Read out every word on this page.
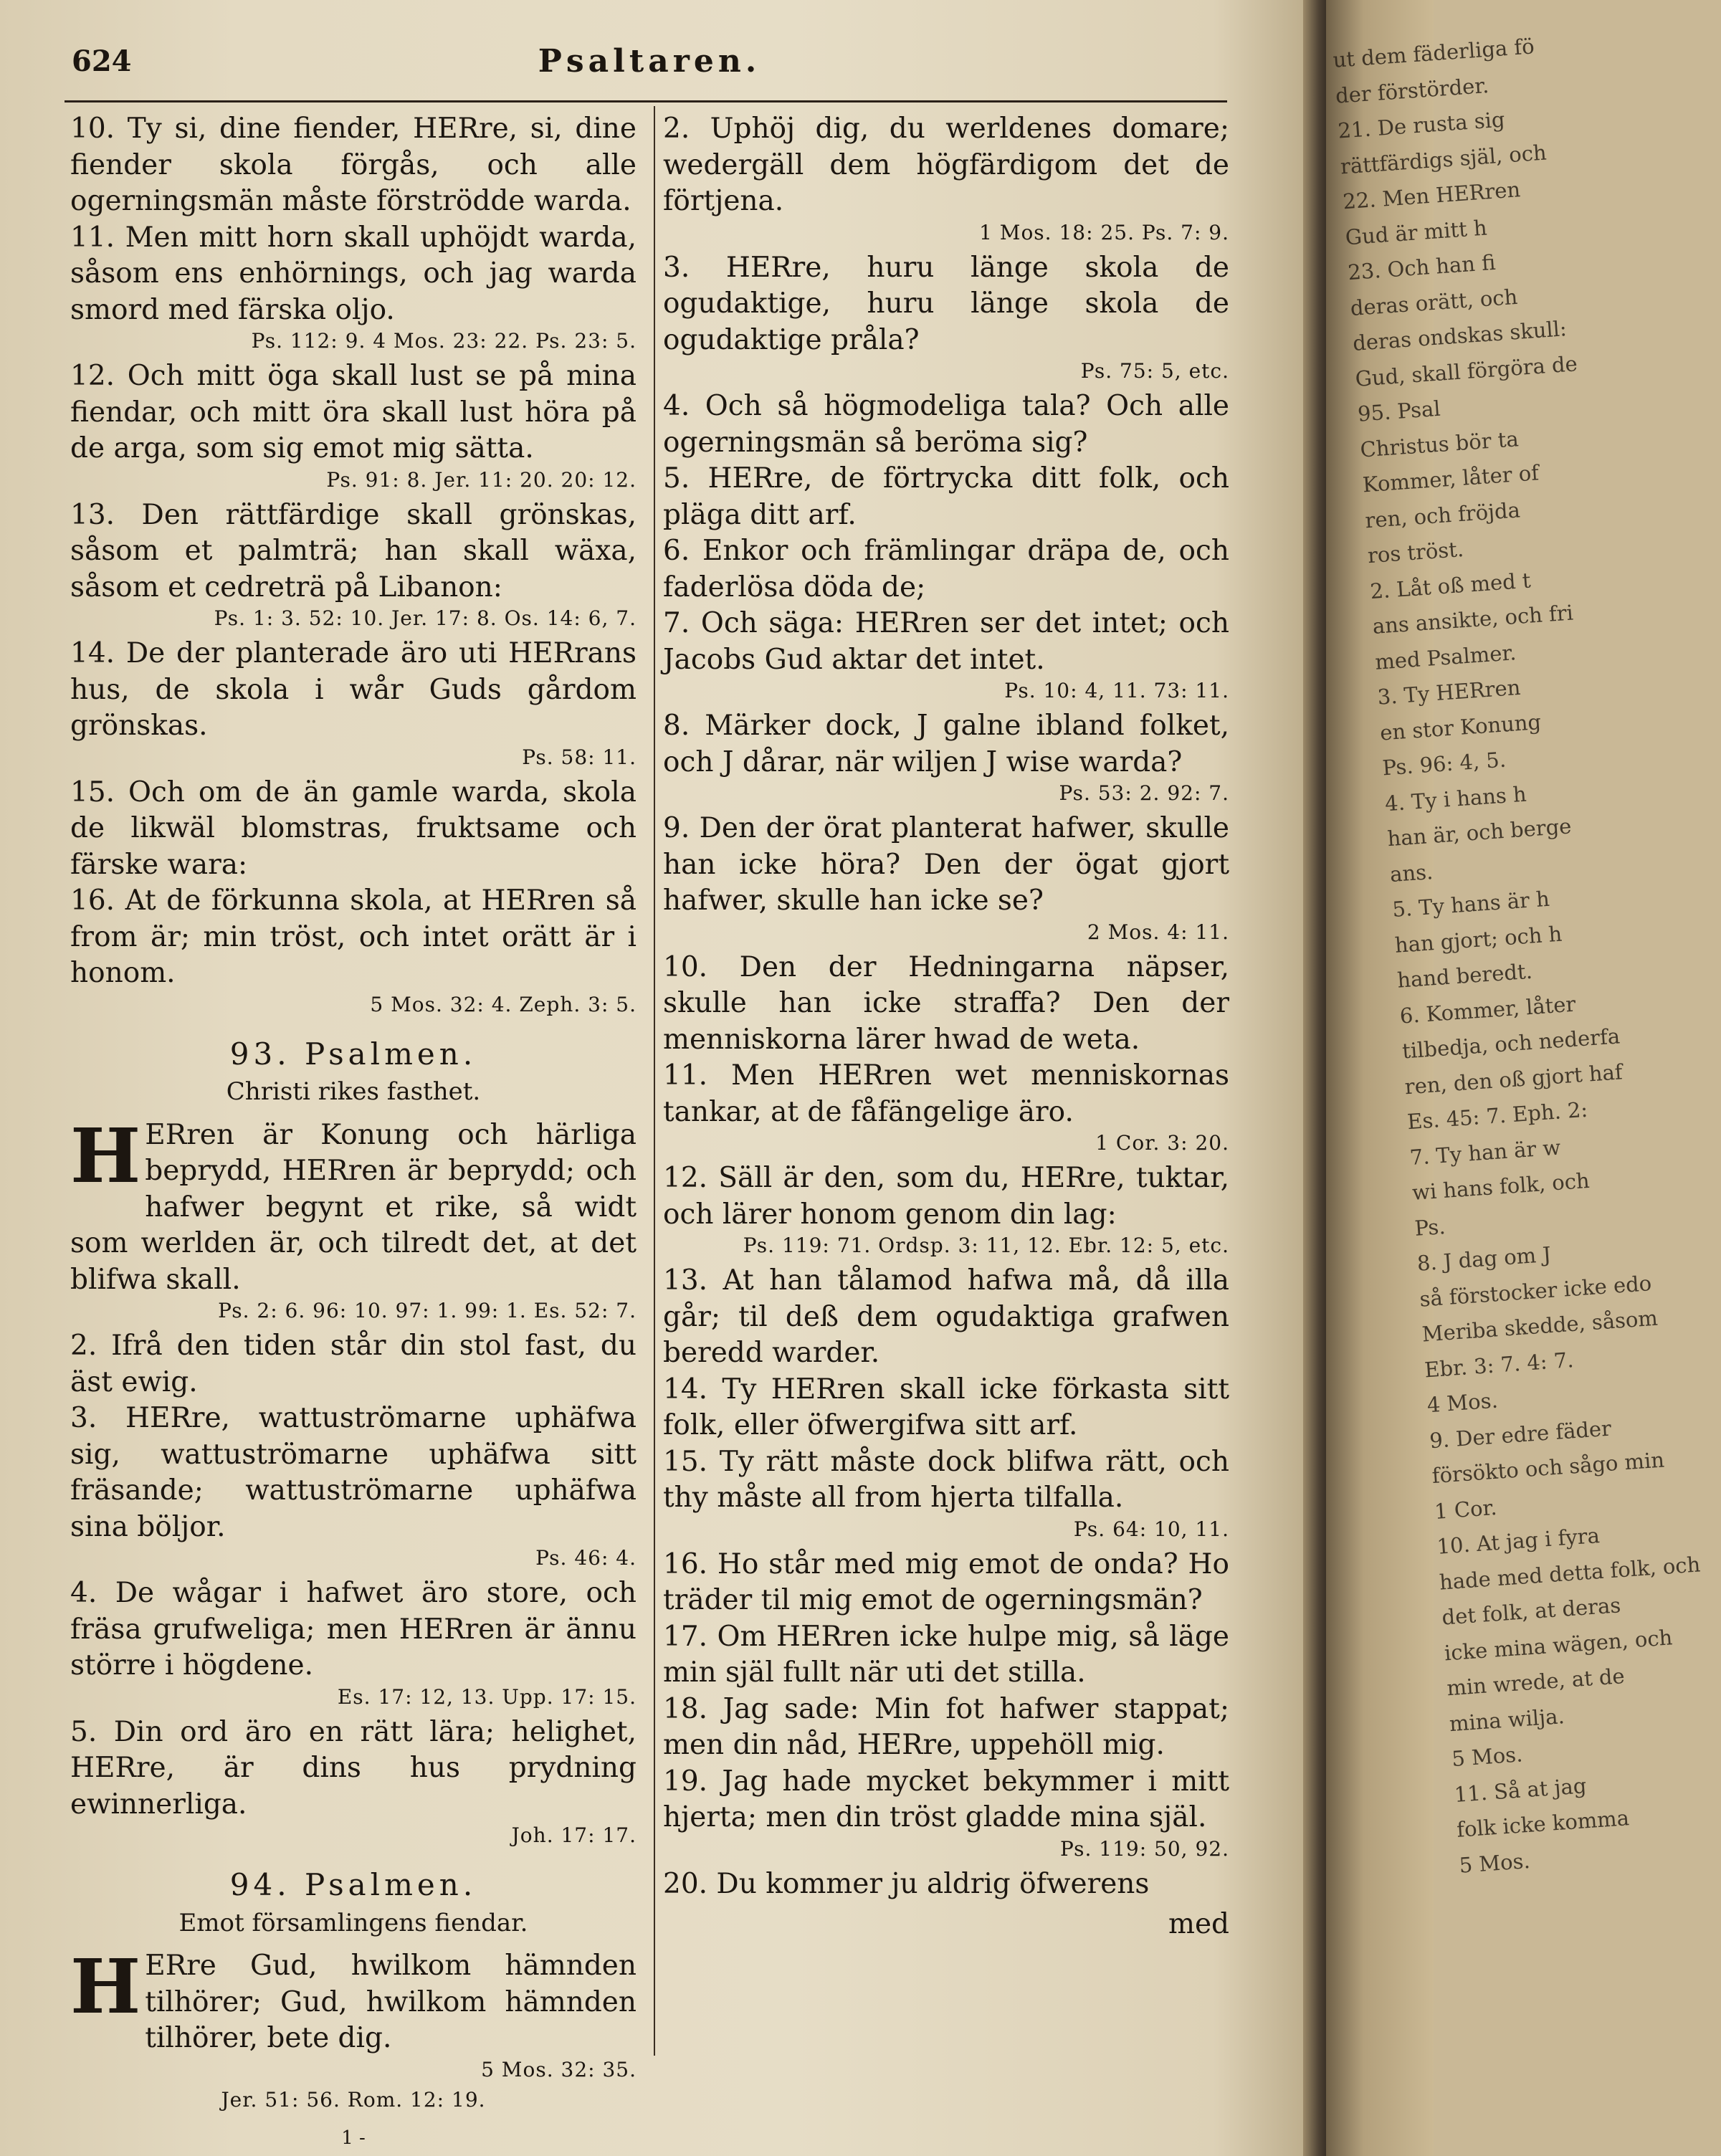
624	Psaltaren.

10. Ty si, dine fiender, HERre, si, dine fiender skola förgås, och alle ogerningsmän måste förströdde warda.

11. Men mitt horn skall uphöjdt warda, såsom ens enhörnings, och jag warda smord med färska oljo.

Ps. 112: 9. 4 Mos. 23: 22. Ps. 23: 5.

12. Och mitt öga skall lust se på mina fiendar, och mitt öra skall lust höra på de arga, som sig emot mig sätta.

Ps. 91: 8. Jer. 11: 20. 20: 12.

13. Den rättfärdige skall grönskas, såsom et palmträ; han skall wäxa, såsom et cedreträ på Libanon:

Ps. 1: 3. 52: 10. Jer. 17: 8. Os. 14: 6, 7.

14. De der planterade äro uti HERrans hus, de skola i wår Guds gårdom grönskas.

Ps. 58: 11.

15. Och om de än gamle warda, skola de likwäl blomstras, fruktsame och färske wara:

16. At de förkunna skola, at HERren så from är; min tröst, och intet orätt är i honom.

5 Mos. 32: 4. Zeph. 3: 5.
93. Psalmen.
Christi rikes fasthet.

H ERren är Konung och härliga beprydd, HERren är beprydd; och hafwer begynt et rike, så widt som werlden är, och tilredt det, at det blifwa skall.

Ps. 2: 6. 96: 10. 97: 1. 99: 1. Es. 52: 7.

2. Ifrå den tiden står din stol fast, du äst ewig.

3. HERre, wattuströmarne uphäfwa sig, wattuströmarne uphäfwa sitt fräsande; wattuströmarne uphäfwa sina böljor.

Ps. 46: 4.

4. De wågar i hafwet äro store, och fräsa grufweliga; men HERren är ännu större i högdene.

Es. 17: 12, 13. Upp. 17: 15.

5. Din ord äro en rätt lära; helighet, HERre, är dins hus prydning ewinnerliga.

Joh. 17: 17.
94. Psalmen.
Emot församlingens fiendar.

H ERre Gud, hwilkom hämnden tilhörer; Gud, hwilkom hämnden tilhörer, bete dig.

5 Mos. 32: 35.
Jer. 51: 56. Rom. 12: 19.
1 -

2. Uphöj dig, du werldenes domare; wedergäll dem högfärdigom det de förtjena.

1 Mos. 18: 25. Ps. 7: 9.

3. HERre, huru länge skola de ogudaktige, huru länge skola de ogudaktige pråla?

Ps. 75: 5, etc.

4. Och så högmodeliga tala? Och alle ogerningsmän så beröma sig?

5. HERre, de förtrycka ditt folk, och pläga ditt arf.

6. Enkor och främlingar dräpa de, och faderlösa döda de;

7. Och säga: HERren ser det intet; och Jacobs Gud aktar det intet.

Ps. 10: 4, 11. 73: 11.

8. Märker dock, J galne ibland folket, och J dårar, när wiljen J wise warda?

Ps. 53: 2. 92: 7.

9. Den der örat planterat hafwer, skulle han icke höra? Den der ögat gjort hafwer, skulle han icke se?

2 Mos. 4: 11.

10. Den der Hedningarna näpser, skulle han icke straffa? Den der menniskorna lärer hwad de weta.

11. Men HERren wet menniskornas tankar, at de fåfängelige äro.

1 Cor. 3: 20.

12. Säll är den, som du, HERre, tuktar, och lärer honom genom din lag:

Ps. 119: 71. Ordsp. 3: 11, 12. Ebr. 12: 5, etc.

13. At han tålamod hafwa må, då illa går; til deß dem ogudaktiga grafwen beredd warder.

14. Ty HERren skall icke förkasta sitt folk, eller öfwergifwa sitt arf.

15. Ty rätt måste dock blifwa rätt, och thy måste all from hjerta tilfalla.

Ps. 64: 10, 11.

16. Ho står med mig emot de onda? Ho träder til mig emot de ogerningsmän?

17. Om HERren icke hulpe mig, så läge min själ fullt när uti det stilla.

18. Jag sade: Min fot hafwer stappat; men din nåd, HERre, uppehöll mig.

19. Jag hade mycket bekymmer i mitt hjerta; men din tröst gladde mina själ.

Ps. 119: 50, 92.

20. Du kommer ju aldrig öfwerens

med
ut dem fäderliga fö
der förstörder.
21. De rusta sig
rättfärdigs själ, och
22. Men HERren
Gud är mitt h
23. Och han fi
deras orätt, och
deras ondskas skull:
Gud, skall förgöra de
95. Psal
Christus bör ta
Kommer, låter of
ren, och fröjda
ros tröst.
2. Låt oß med t
ans ansikte, och fri
med Psalmer.
3. Ty HERren
en stor Konung
Ps. 96: 4, 5.
4. Ty i hans h
han är, och berge
ans.
5. Ty hans är h
han gjort; och h
hand beredt.
6. Kommer, låter
tilbedja, och nederfa
ren, den oß gjort haf
Es. 45: 7. Eph. 2:
7. Ty han är w
wi hans folk, och
Ps.
8. J dag om J
så förstocker icke edo
Meriba skedde, såsom
Ebr. 3: 7. 4: 7.
4 Mos.
9. Der edre fäder
försökto och sågo min
1 Cor.
10. At jag i fyra
hade med detta folk, och
det folk, at deras
icke mina wägen, och
min wrede, at de
mina wilja.
5 Mos.
11. Så at jag
folk icke komma
5 Mos.
